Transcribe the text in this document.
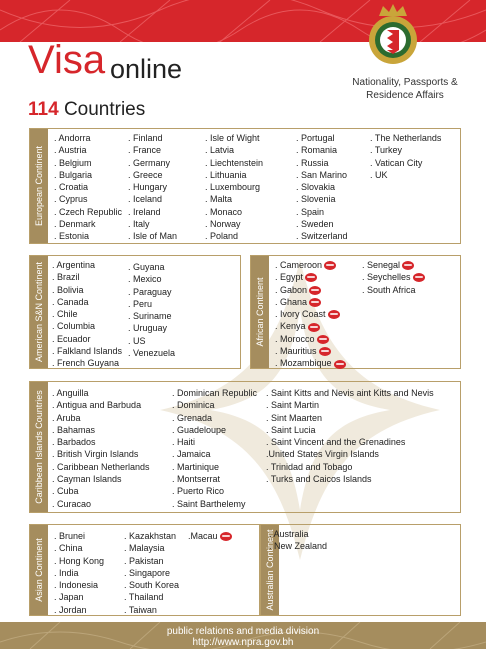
Visa online
114 Countries
Nationality, Passports &
Residence Affairs
European Continent
. Andorra
. Austria
. Belgium
. Bulgaria
. Croatia
. Cyprus
. Czech Republic
. Denmark
. Estonia
. Finland
. France
. Germany
. Greece
. Hungary
. Iceland
. Ireland
. Italy
. Isle of Man
. Isle of Wight
. Latvia
. Liechtenstein
. Lithuania
. Luxembourg
. Malta
. Monaco
. Norway
. Poland
. Portugal
. Romania
. Russia
. San Marino
. Slovakia
. Slovenia
. Spain
. Sweden
. Switzerland
. The Netherlands
. Turkey
. Vatican City
. UK
American S&N Continent . Argentina
. Brazil
. Bolivia
. Canada
. Chile
. Columbia
. Ecuador
. Falkland Islands
. French Guyana
. Guyana
. Mexico
. Paraguay
. Peru
. Suriname
. Uruguay
. US
. Venezuela
African Continent
. Cameroon
. Egypt
. Gabon
. Ghana
. Ivory Coast
. Kenya
. Morocco
. Mauritius
. Mozambique
. Senegal
. Seychelles
. South Africa
Caribbean Islands Countries . Anguilla
. Antigua and Barbuda
. Aruba
. Bahamas
. Barbados
. British Virgin Islands
. Caribbean Netherlands
. Cayman Islands
. Cuba
. Curacao
. Dominican Republic
. Dominica
. Grenada
. Guadeloupe
. Haiti
. Jamaica
. Martinique
. Montserrat
. Puerto Rico
. Saint Barthelemy
. Saint Kitts and Nevis aint Kitts and Nevis
. Saint Martin
. Sint Maarten
. Saint Lucia
. Saint Vincent and the Grenadines
.United States Virgin Islands
. Trinidad and Tobago
. Turks and Caicos Islands
Asian Continent
. Brunei
. China
. Hong Kong
. India
. Indonesia
. Japan
. Jordan
. Kazakhstan
. Malaysia
. Pakistan
. Singapore
. South Korea
. Thailand
. Taiwan
.Macau	Australian Continent
. Australia
. New Zealand
public relations and media division
http://www.npra.gov.bh
